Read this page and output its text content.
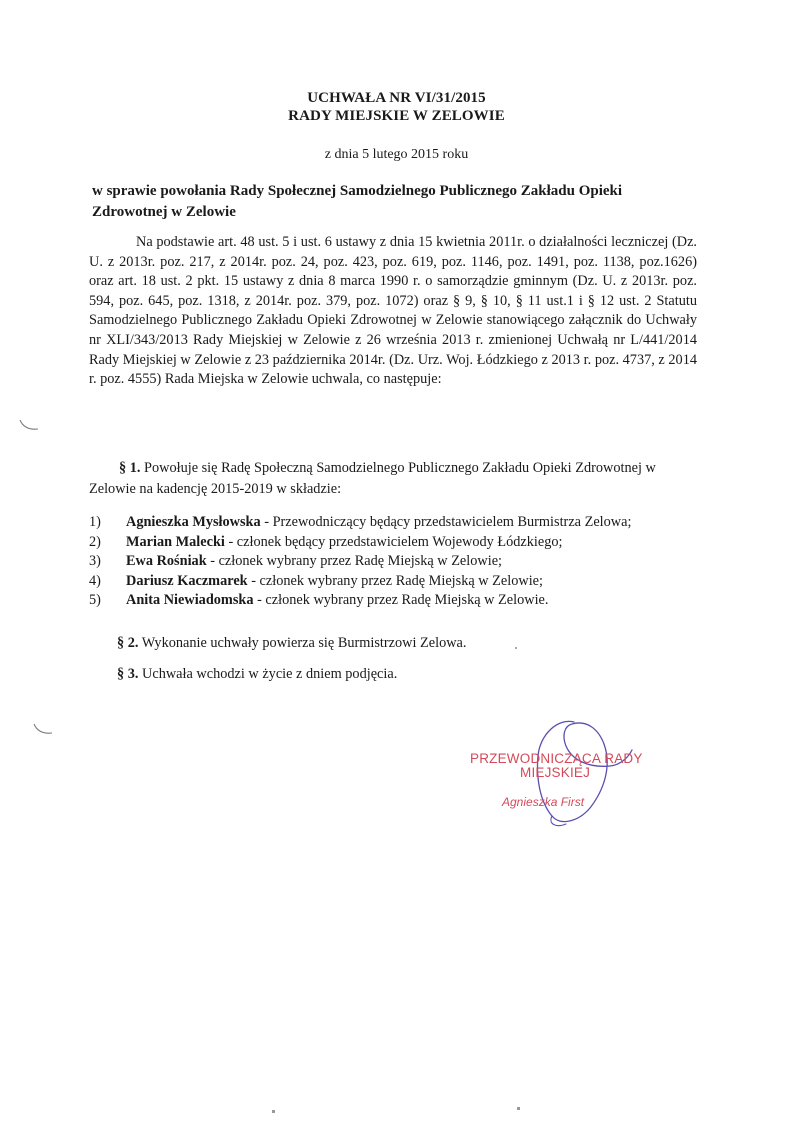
UCHWAŁA NR VI/31/2015
RADY MIEJSKIE W ZELOWIE
z dnia 5 lutego 2015 roku
w sprawie powołania Rady Społecznej Samodzielnego Publicznego Zakładu Opieki Zdrowotnej w Zelowie
Na podstawie art. 48 ust. 5 i ust. 6 ustawy z dnia 15 kwietnia 2011r. o działalności leczniczej (Dz. U. z 2013r. poz. 217, z 2014r. poz. 24, poz. 423, poz. 619, poz. 1146, poz. 1491, poz. 1138, poz.1626) oraz art. 18 ust. 2 pkt. 15 ustawy z dnia 8 marca 1990 r. o samorządzie gminnym (Dz. U. z 2013r. poz. 594, poz. 645, poz. 1318, z 2014r. poz. 379, poz. 1072) oraz § 9, § 10, § 11 ust.1 i § 12 ust. 2 Statutu Samodzielnego Publicznego Zakładu Opieki Zdrowotnej w Zelowie stanowiącego załącznik do Uchwały nr XLI/343/2013 Rady Miejskiej w Zelowie z 26 września 2013 r. zmienionej Uchwałą nr L/441/2014 Rady Miejskiej w Zelowie z 23 października 2014r. (Dz. Urz. Woj. Łódzkiego z 2013 r. poz. 4737, z 2014 r. poz. 4555) Rada Miejska w Zelowie uchwala, co następuje:
§ 1. Powołuje się Radę Społeczną Samodzielnego Publicznego Zakładu Opieki Zdrowotnej w Zelowie na kadencję 2015-2019 w składzie:
1) Agnieszka Mysłowska - Przewodniczący będący przedstawicielem Burmistrza Zelowa;
2) Marian Malecki - członek będący przedstawicielem Wojewody Łódzkiego;
3) Ewa Rośniak - członek wybrany przez Radę Miejską w Zelowie;
4) Dariusz Kaczmarek - członek wybrany przez Radę Miejską w Zelowie;
5) Anita Niewiadomska - członek wybrany przez Radę Miejską w Zelowie.
§ 2. Wykonanie uchwały powierza się Burmistrzowi Zelowa.
§ 3. Uchwała wchodzi w życie z dniem podjęcia.
PRZEWODNICZĄCA RADY
MIEJSKIEJ
Agnieszka First
